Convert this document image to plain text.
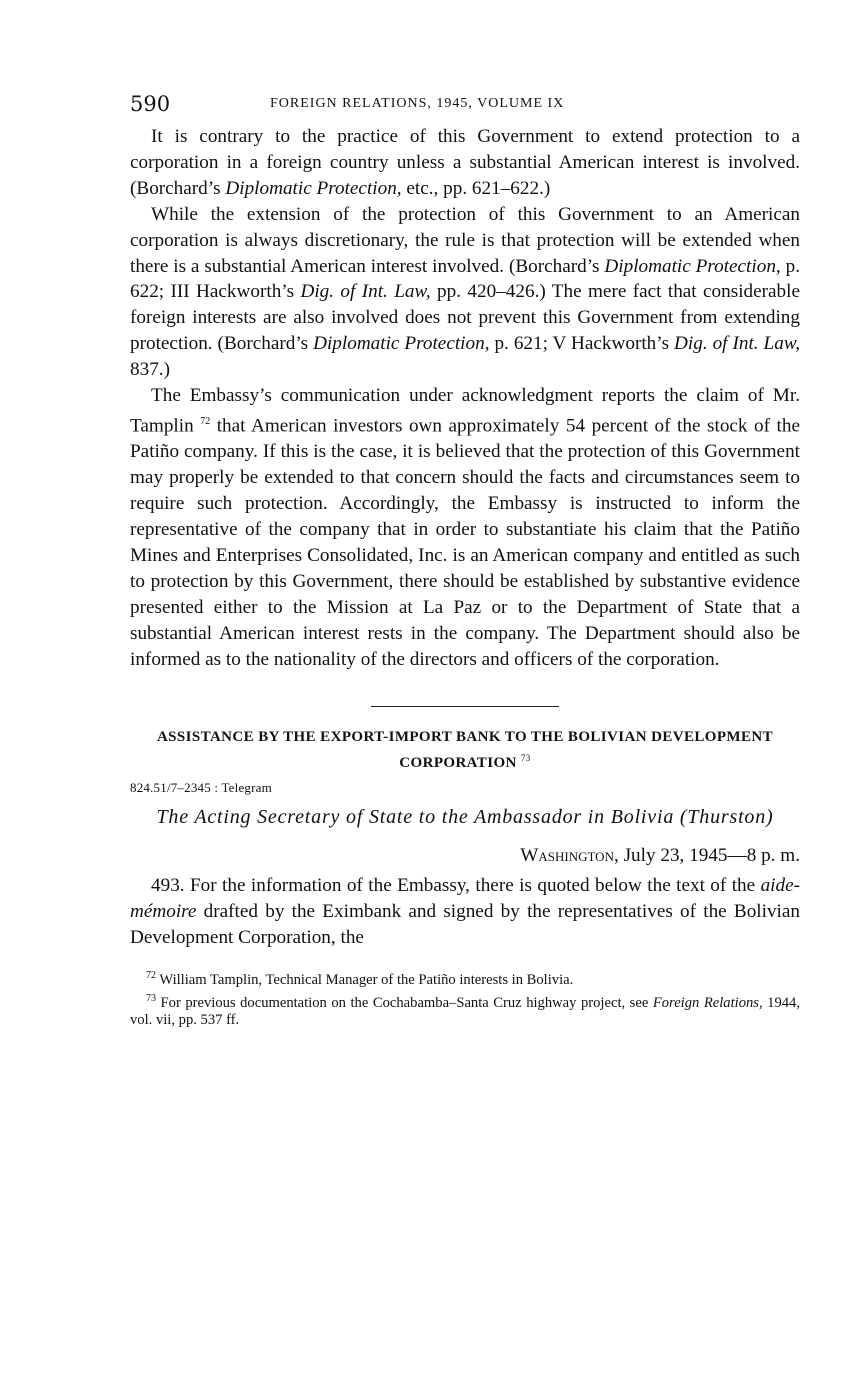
590	FOREIGN RELATIONS, 1945, VOLUME IX

It is contrary to the practice of this Government to extend protection to a corporation in a foreign country unless a substantial American interest is involved. (Borchard’s Diplomatic Protection, etc., pp. 621–622.)

While the extension of the protection of this Government to an American corporation is always discretionary, the rule is that protection will be extended when there is a substantial American interest involved. (Borchard’s Diplomatic Protection, p. 622; III Hackworth’s Dig. of Int. Law, pp. 420–426.) The mere fact that considerable foreign interests are also involved does not prevent this Government from extending protection. (Borchard’s Diplomatic Protection, p. 621; V Hackworth’s Dig. of Int. Law, 837.)

The Embassy’s communication under acknowledgment reports the claim of Mr. Tamplin $^{72}$ that American investors own approximately 54 percent of the stock of the Patiño company. If this is the case, it is believed that the protection of this Government may properly be extended to that concern should the facts and circumstances seem to require such protection. Accordingly, the Embassy is instructed to inform the representative of the company that in order to substantiate his claim that the Patiño Mines and Enterprises Consolidated, Inc. is an American company and entitled as such to protection by this Government, there should be established by substantive evidence presented either to the Mission at La Paz or to the Department of State that a substantial American interest rests in the company. The Department should also be informed as to the nationality of the directors and officers of the corporation.

ASSISTANCE BY THE EXPORT-IMPORT BANK TO THE BOLIVIAN DEVELOPMENT CORPORATION $^{73}$
824.51/7–2345 : Telegram
The Acting Secretary of State to the Ambassador in Bolivia (Thurston)
Washington, July 23, 1945—8 p. m.

493. For the information of the Embassy, there is quoted below the text of the aide-mémoire drafted by the Eximbank and signed by the representatives of the Bolivian Development Corporation, the

$^{72}$ William Tamplin, Technical Manager of the Patiño interests in Bolivia.
$^{73}$ For previous documentation on the Cochabamba–Santa Cruz highway project, see Foreign Relations, 1944, vol. vii, pp. 537 ff.
